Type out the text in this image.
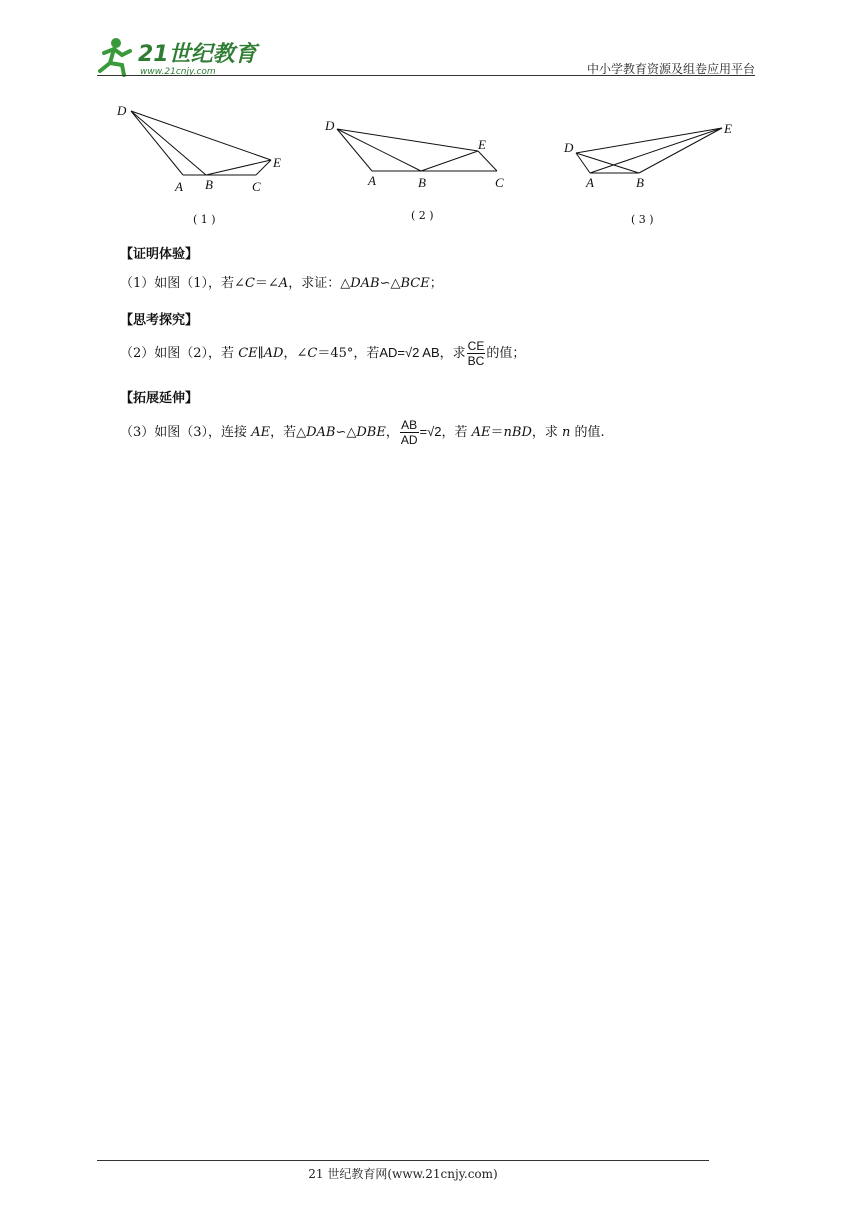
21世纪教育
www.21cnjy.com	中小学教育资源及组卷应用平台
D
A B	C
E
D
A	B	C
E	D
A	B
E
( 1 )	( 2 )	( 3 )
【证明体验】
（1）如图（1），若∠C＝∠A，求证：△DAB∽△BCE；
【思考探究】
（2）如图（2），若 CE∥AD，∠C＝45°，若AD=√2 AB，求 $\frac{CE}{BC}$ 的值；
【拓展延伸】
（3）如图（3），连接 AE，若△DAB∽△DBE， $\frac{AB}{AD} =√2$，若 AE＝nBD，求 n 的值.
21 世纪教育网(www.21cnjy.com)
